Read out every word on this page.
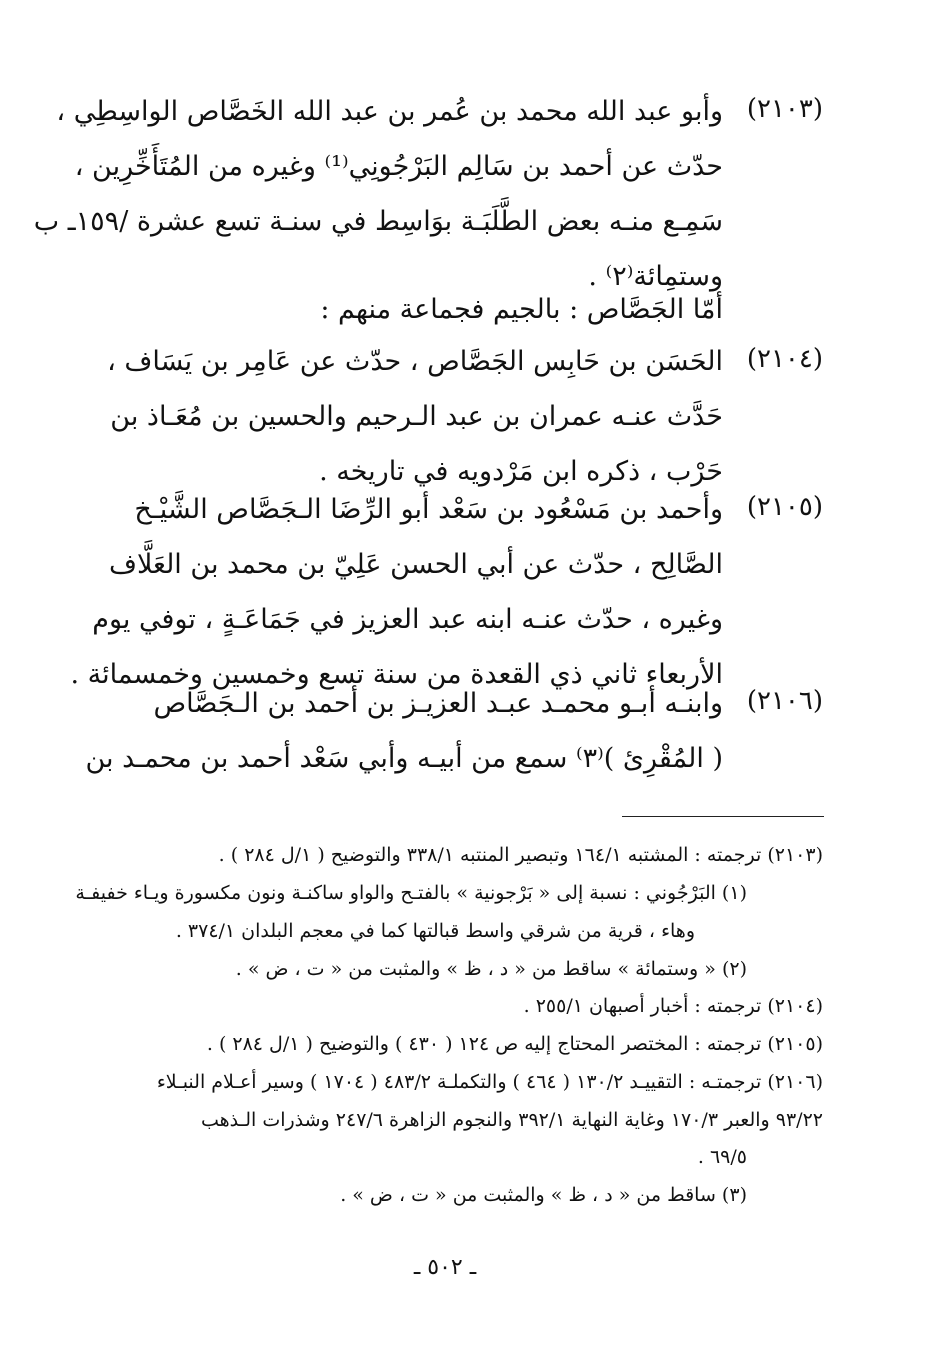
(٢١٠٣)
وأبو عبد الله محمد بن عُمر بن عبد الله الخَصَّاص الواسِطِي ،
حدّث عن أحمد بن سَالِم البَرْجُونِي⁽¹⁾ وغيره من المُتَأَخِّرِين ،
سَمِـع منـه بعض الطَّلَبَـة بوَاسِط في سنـة تسع عشرة /١٥٩ـ ب
وستمِائة⁽٢⁾ .
أمّا الجَصَّاص : بالجيم فجماعة منهم :
(٢١٠٤)
الحَسَن بن حَابِس الجَصَّاص ، حدّث عن عَامِر بن يَسَاف ،
حَدَّث عنـه عمران بن عبد الـرحيم والحسين بن مُعَـاذ بن
حَرْب ، ذكره ابن مَرْدويه في تاريخه .
(٢١٠٥)
وأحمد بن مَسْعُود بن سَعْد أبو الرِّضَا الـجَصَّاص الشَّيْـخ
الصَّالِح ، حدّث عن أبي الحسن عَلِيّ بن محمد بن العَلَّاف
وغيره ، حدّث عنـه ابنه عبد العزيز في جَمَاعَـةٍ ، توفي يوم
الأربعاء ثاني ذي القعدة من سنة تسع وخمسين وخمسمائة .
(٢١٠٦)
وابنـه أبـو محمـد عبـد العزيـز بن أحمد بن الـجَصَّاص
( المُقْرِئ )⁽٣⁾ سمع من أبيـه وأبي سَعْد أحمد بن محمـد بن
(٢١٠٣) ترجمته : المشتبه ١٦٤/١ وتبصير المنتبه ٣٣٨/١ والتوضيح ( ١/ل ٢٨٤ ) .
(١) البَرْجُوني : نسبة إلى « بَرْجونية » بالفتـح والواو ساكنـة ونون مكسورة ويـاء خفيفـة
وهاء ، قرية من شرقي واسط قبالتها كما في معجم البلدان ٣٧٤/١ .
(٢) « وستمائة » ساقط من « د ، ظ » والمثبت من « ت ، ض » .
(٢١٠٤) ترجمته : أخبار أصبهان ٢٥٥/١ .
(٢١٠٥) ترجمته : المختصر المحتاج إليه ص ١٢٤ ( ٤٣٠ ) والتوضيح ( ١/ل ٢٨٤ ) .
(٢١٠٦) ترجمتـه : التقييـد ١٣٠/٢ ( ٤٦٤ ) والتكملـة ٤٨٣/٢ ( ١٧٠٤ ) وسير أعـلام النبـلاء
٩٣/٢٢ والعبر ١٧٠/٣ وغاية النهاية ٣٩٢/١ والنجوم الزاهرة ٢٤٧/٦ وشذرات الـذهب
٦٩/٥ .
(٣) ساقط من « د ، ظ » والمثبت من « ت ، ض » .
ـ ٥٠٢ ـ
